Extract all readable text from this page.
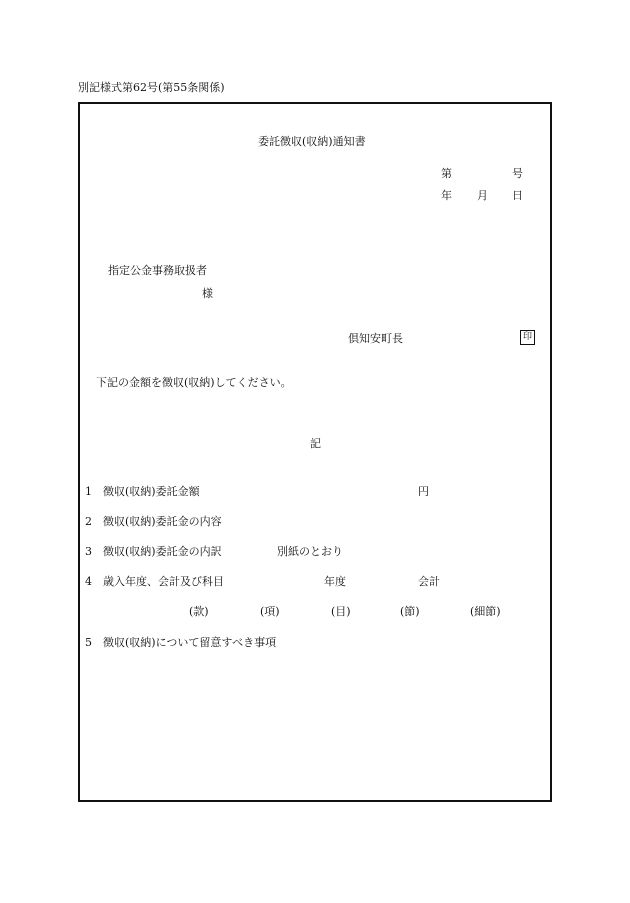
別記様式第62号(第55条関係)
委託徴収(収納)通知書
第	号
年 月 日
指定公金事務取扱者
様
倶知安町長	印
下記の金額を徴収(収納)してください。
記
1 徴収(収納)委託金額	円
2 徴収(収納)委託金の内容
3 徴収(収納)委託金の内訳	別紙のとおり
4 歳入年度、会計及び科目	年度	会計
(款)	(項)	(目)	(節)	(細節)
5 徴収(収納)について留意すべき事項
